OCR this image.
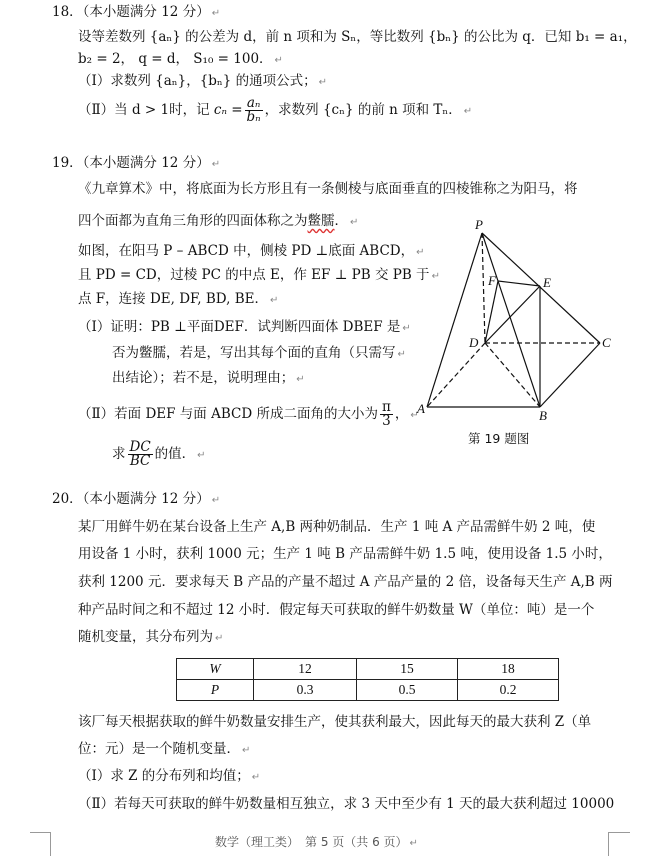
18．（本小题满分 12 分） ↵
设等差数列 {aₙ} 的公差为 d，前 n 项和为 Sₙ，等比数列 {bₙ} 的公比为 q．已知 b₁ = a₁，
b₂ = 2， q = d， S₁₀ = 100． ↵
（Ⅰ）求数列 {aₙ}，{bₙ} 的通项公式； ↵
（Ⅱ）当 d > 1时，记 $c_n = \frac{\text{aₙ}}{\text{bₙ}}$ ，求数列 {cₙ} 的前 n 项和 Tₙ． ↵
19．（本小题满分 12 分） ↵
《九章算术》中，将底面为长方形且有一条侧棱与底面垂直的四棱锥称之为阳马，将
四个面都为直角三角形的四面体称之为鳖臑． ↵
如图，在阳马 P – ABCD 中，侧棱 PD ⊥底面 ABCD， ↵
且 PD = CD，过棱 PC 的中点 E，作 EF ⊥ PB 交 PB 于 ↵
点 F，连接 DE, DF, BD, BE． ↵
（Ⅰ）证明：PB ⊥平面DEF．试判断四面体 DBEF 是 ↵
否为鳖臑，若是，写出其每个面的直角（只需写 ↵
出结论）；若不是，说明理由； ↵
（Ⅱ）若面 DEF 与面 ABCD 所成二面角的大小为 $\frac{\pi}{3}$ ， ↵
求 $\frac{DC}{BC}$ 的值． ↵
P
F	E
D	C
A	B
第 19 题图
20．（本小题满分 12 分） ↵
某厂用鲜牛奶在某台设备上生产 A,B 两种奶制品．生产 1 吨 A 产品需鲜牛奶 2 吨，使
用设备 1 小时，获利 1000 元；生产 1 吨 B 产品需鲜牛奶 1.5 吨，使用设备 1.5 小时，
获利 1200 元．要求每天 B 产品的产量不超过 A 产品产量的 2 倍，设备每天生产 A,B 两
种产品时间之和不超过 12 小时．假定每天可获取的鲜牛奶数量 W（单位：吨）是一个
随机变量，其分布列为 ↵
W	12	15	18
P	0.3	0.5	0.2
该厂每天根据获取的鲜牛奶数量安排生产，使其获利最大，因此每天的最大获利 Z（单
位：元）是一个随机变量． ↵
（Ⅰ）求 Z 的分布列和均值； ↵
（Ⅱ）若每天可获取的鲜牛奶数量相互独立，求 3 天中至少有 1 天的最大获利超过 10000
数学（理工类）　第 5 页（共 6 页） ↵
